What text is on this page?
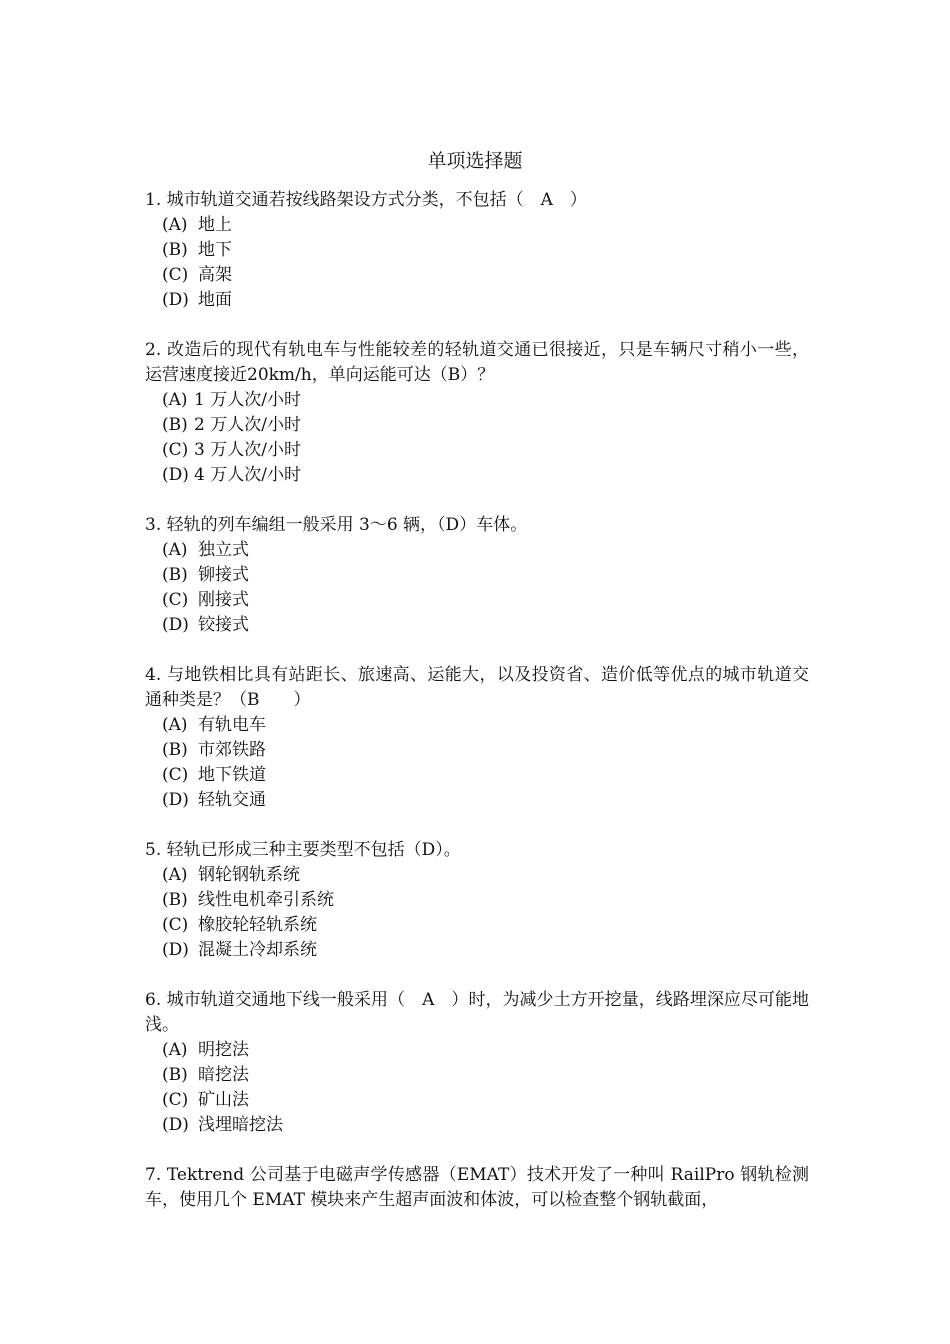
单项选择题

1. 城市轨道交通若按线路架设方式分类，不包括（　A　）

(A) 地上
(B) 地下
(C) 高架
(D) 地面

2. 改造后的现代有轨电车与性能较差的轻轨道交通已很接近，只是车辆尺寸稍小一些，运营速度接近20km/h，单向运能可达（B）？

(A) 1 万人次/小时
(B) 2 万人次/小时
(C) 3 万人次/小时
(D) 4 万人次/小时

3. 轻轨的列车编组一般采用 3～6 辆，（D）车体。

(A) 独立式
(B) 铆接式
(C) 刚接式
(D) 铰接式

4. 与地铁相比具有站距长、旅速高、运能大，以及投资省、造价低等优点的城市轨道交通种类是？（B　　）

(A) 有轨电车
(B) 市郊铁路
(C) 地下铁道
(D) 轻轨交通

5. 轻轨已形成三种主要类型不包括（D）。

(A) 钢轮钢轨系统
(B) 线性电机牵引系统
(C) 橡胶轮轻轨系统
(D) 混凝土冷却系统

6. 城市轨道交通地下线一般采用（　A　）时，为减少土方开挖量，线路埋深应尽可能地浅。

(A) 明挖法
(B) 暗挖法
(C) 矿山法
(D) 浅埋暗挖法

7. Tektrend 公司基于电磁声学传感器（EMAT）技术开发了一种叫 RailPro 钢轨检测车，使用几个 EMAT 模块来产生超声面波和体波，可以检查整个钢轨截面，
